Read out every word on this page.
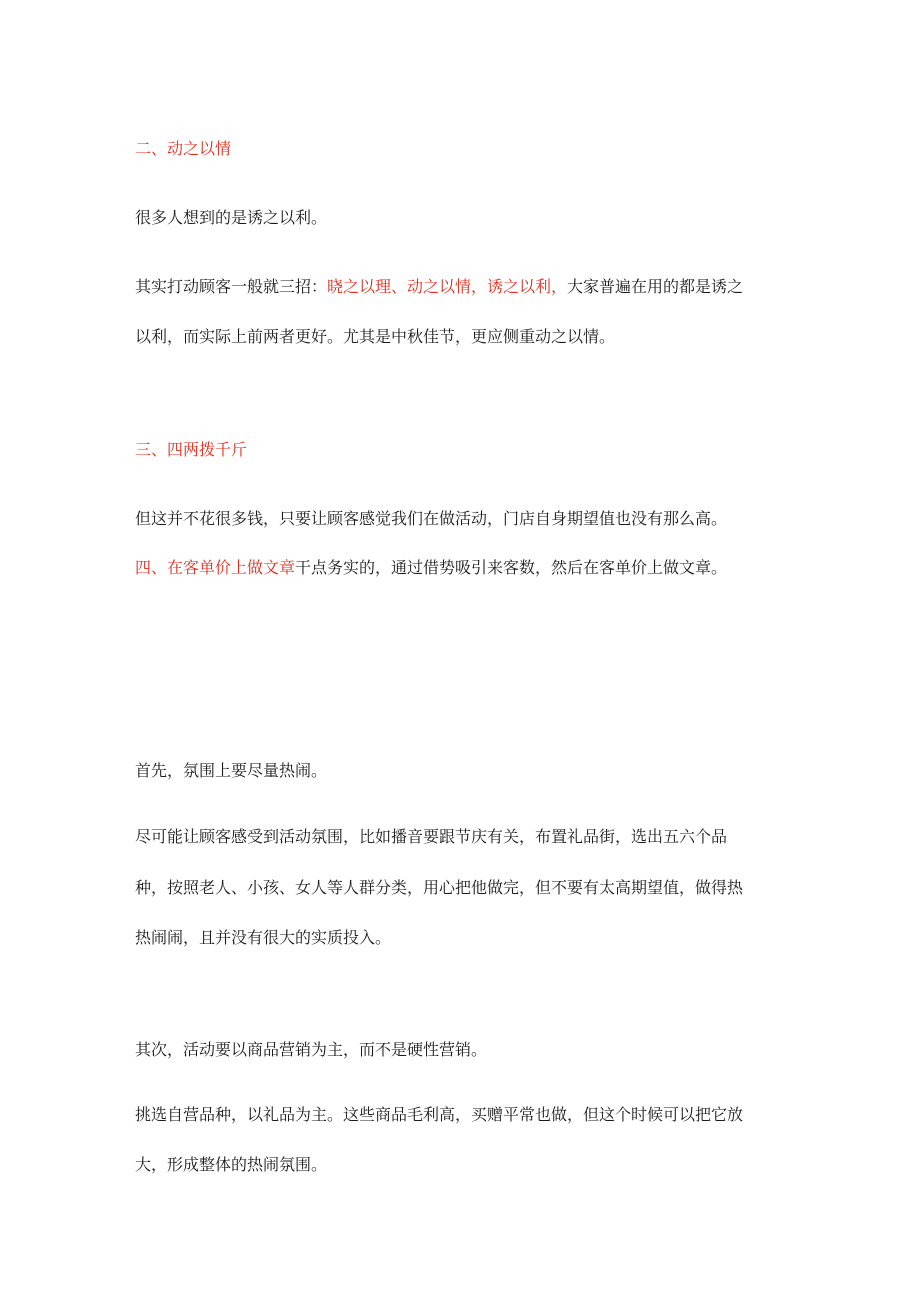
二、动之以情

很多人想到的是诱之以利。

其实打动顾客一般就三招：晓之以理、动之以情，诱之以利，大家普遍在用的都是诱之

以利，而实际上前两者更好。尤其是中秋佳节，更应侧重动之以情。

三、四两拨千斤

但这并不花很多钱，只要让顾客感觉我们在做活动，门店自身期望值也没有那么高。

四、在客单价上做文章干点务实的，通过借势吸引来客数，然后在客单价上做文章。

首先，氛围上要尽量热闹。

尽可能让顾客感受到活动氛围，比如播音要跟节庆有关，布置礼品街，选出五六个品

种，按照老人、小孩、女人等人群分类，用心把他做完，但不要有太高期望值，做得热

热闹闹，且并没有很大的实质投入。

其次，活动要以商品营销为主，而不是硬性营销。

挑选自营品种，以礼品为主。这些商品毛利高，买赠平常也做，但这个时候可以把它放

大，形成整体的热闹氛围。
